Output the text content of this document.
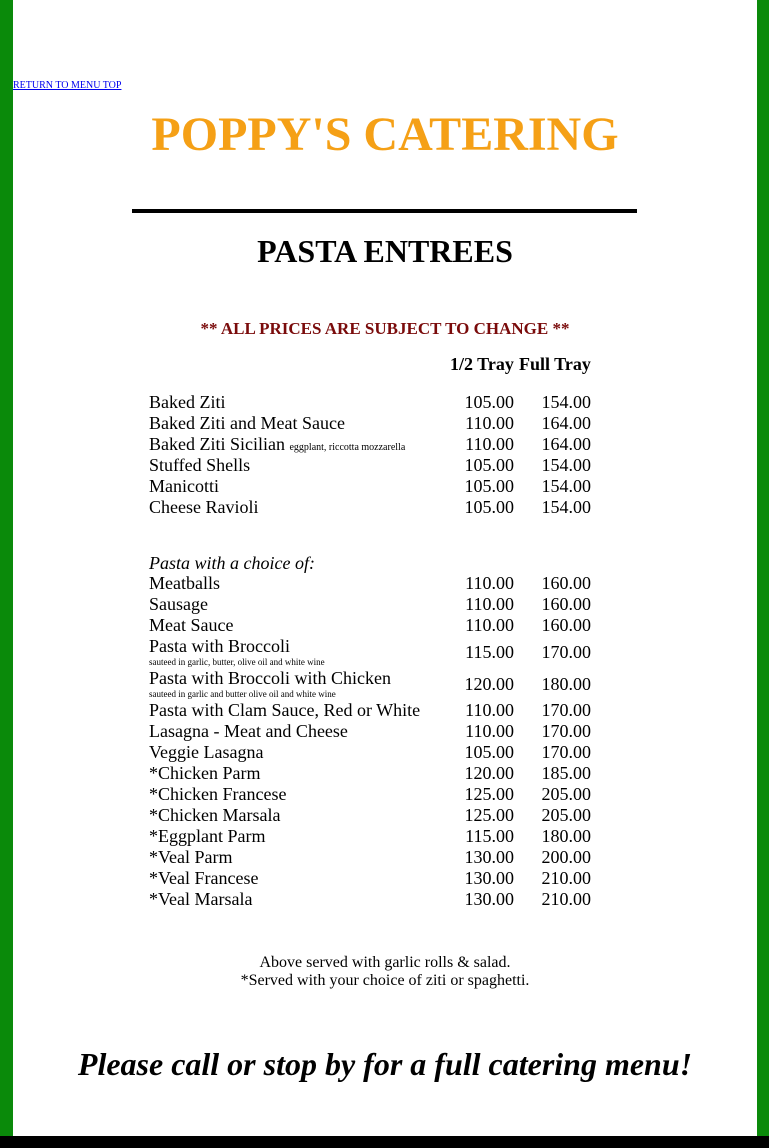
RETURN TO MENU TOP
POPPY'S CATERING
PASTA ENTREES
** ALL PRICES ARE SUBJECT TO CHANGE **
1/2 Tray Full Tray
Baked Ziti	105.00	154.00
Baked Ziti and Meat Sauce	110.00	164.00
Baked Ziti Sicilian eggplant, riccotta mozzarella	110.00	164.00
Stuffed Shells	105.00	154.00
Manicotti	105.00	154.00
Cheese Ravioli	105.00	154.00
Pasta with a choice of:
Meatballs	110.00	160.00
Sausage	110.00	160.00
Meat Sauce	110.00	160.00
Pasta with Broccoli
sauteed in garlic, butter, olive oil and white wine	115.00	170.00
Pasta with Broccoli with Chicken
sauteed in garlic and butter olive oil and white wine	120.00	180.00
Pasta with Clam Sauce, Red or White	110.00	170.00
Lasagna - Meat and Cheese	110.00	170.00
Veggie Lasagna	105.00	170.00
*Chicken Parm	120.00	185.00
*Chicken Francese	125.00	205.00
*Chicken Marsala	125.00	205.00
*Eggplant Parm	115.00	180.00
*Veal Parm	130.00	200.00
*Veal Francese	130.00	210.00
*Veal Marsala	130.00	210.00
Above served with garlic rolls & salad.
*Served with your choice of ziti or spaghetti.
Please call or stop by for a full catering menu!
